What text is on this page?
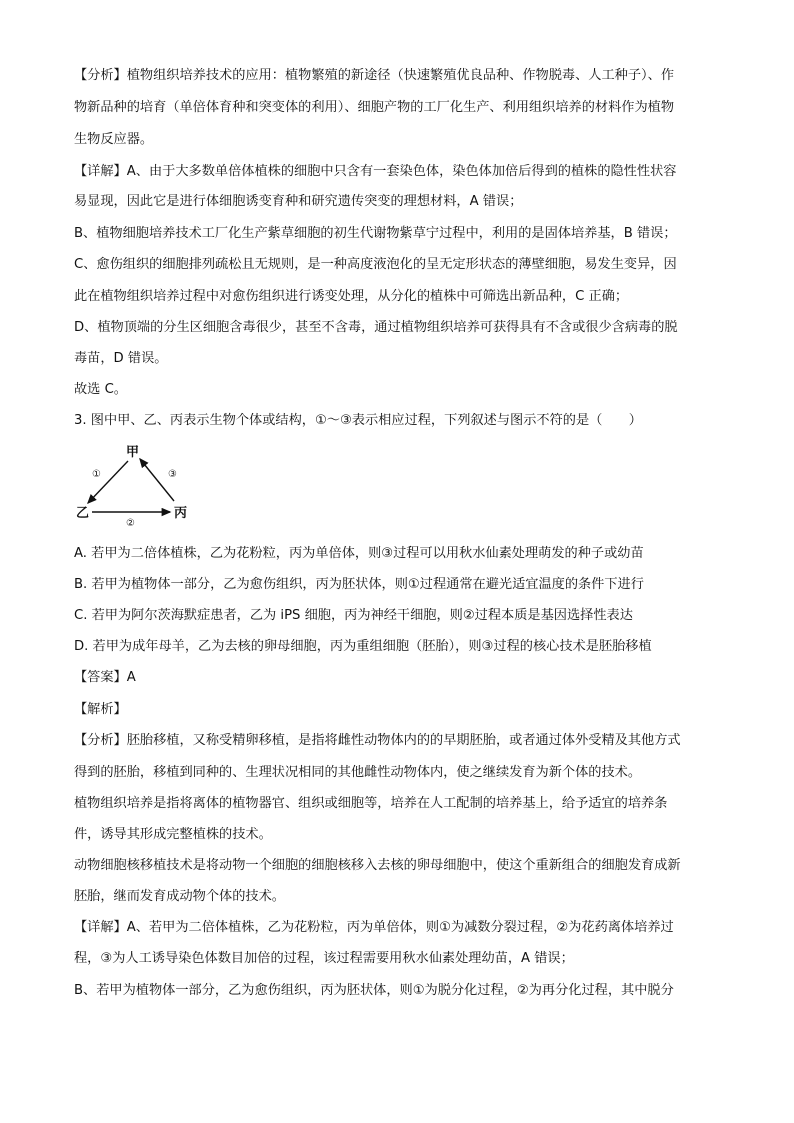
【分析】植物组织培养技术的应用：植物繁殖的新途径（快速繁殖优良品种、作物脱毒、人工种子）、作
物新品种的培育（单倍体育种和突变体的利用）、细胞产物的工厂化生产、利用组织培养的材料作为植物
生物反应器。
【详解】A、由于大多数单倍体植株的细胞中只含有一套染色体，染色体加倍后得到的植株的隐性性状容
易显现，因此它是进行体细胞诱变育种和研究遗传突变的理想材料，A 错误；
B、植物细胞培养技术工厂化生产紫草细胞的初生代谢物紫草宁过程中，利用的是固体培养基，B 错误；
C、愈伤组织的细胞排列疏松且无规则，是一种高度液泡化的呈无定形状态的薄壁细胞，易发生变异，因
此在植物组织培养过程中对愈伤组织进行诱变处理，从分化的植株中可筛选出新品种，C 正确；
D、植物顶端的分生区细胞含毒很少，甚至不含毒，通过植物组织培养可获得具有不含或很少含病毒的脱
毒苗，D 错误。
故选 C。
3. 图中甲、乙、丙表示生物个体或结构，①～③表示相应过程，下列叙述与图示不符的是（　　）
甲
乙	丙
①
②
③
A. 若甲为二倍体植株，乙为花粉粒，丙为单倍体，则③过程可以用秋水仙素处理萌发的种子或幼苗
B. 若甲为植物体一部分，乙为愈伤组织，丙为胚状体，则①过程通常在避光适宜温度的条件下进行
C. 若甲为阿尔茨海默症患者，乙为 iPS 细胞，丙为神经干细胞，则②过程本质是基因选择性表达
D. 若甲为成年母羊，乙为去核的卵母细胞，丙为重组细胞（胚胎），则③过程的核心技术是胚胎移植
【答案】A
【解析】
【分析】胚胎移植，又称受精卵移植，是指将雌性动物体内的的早期胚胎，或者通过体外受精及其他方式
得到的胚胎，移植到同种的、生理状况相同的其他雌性动物体内，使之继续发育为新个体的技术。
植物组织培养是指将离体的植物器官、组织或细胞等，培养在人工配制的培养基上，给予适宜的培养条
件，诱导其形成完整植株的技术。
动物细胞核移植技术是将动物一个细胞的细胞核移入去核的卵母细胞中，使这个重新组合的细胞发育成新
胚胎，继而发育成动物个体的技术。
【详解】A、若甲为二倍体植株，乙为花粉粒，丙为单倍体，则①为减数分裂过程，②为花药离体培养过
程，③为人工诱导染色体数目加倍的过程，该过程需要用秋水仙素处理幼苗，A 错误；
B、若甲为植物体一部分，乙为愈伤组织，丙为胚状体，则①为脱分化过程，②为再分化过程，其中脱分
